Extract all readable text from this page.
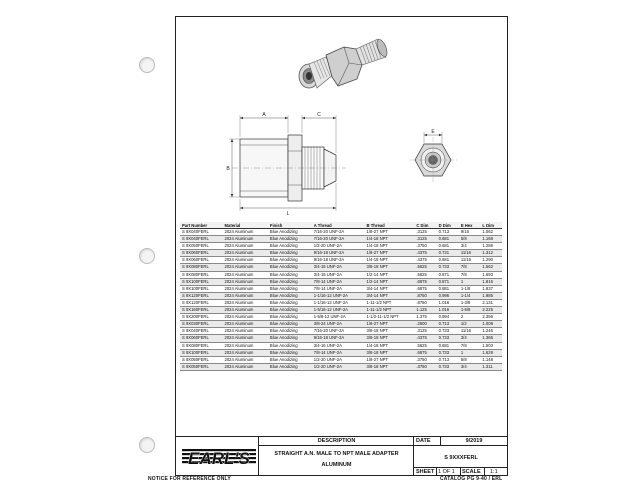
A	C
B
L
E
Part Number	Material	Finish	A Thread	B Thread	C Dim	D Dim	E Hex	L Dim
S 9X040FERL	2024 Aluminum	Blue Anodizing	7/16-20 UNF-2A	1/8-27 NPT	.3125	0.713	9/16	1.062
S 9X040FERL	2024 Aluminum	Blue Anodizing	7/16-20 UNF-2A	1/4-18 NPT	.3125	0.681	5/8	1.168
S 9X050FERL	2024 Aluminum	Blue Anodizing	1/2-20 UNF-2A	1/4-18 NPT	.3750	0.681	3/4	1.286
S 9X060FERL	2024 Aluminum	Blue Anodizing	9/16-18 UNF-2A	1/8-27 NPT	.4375	0.731	11/16	1.312
S 9X060FERL	2024 Aluminum	Blue Anodizing	9/16-18 UNF-2A	1/4-18 NPT	.4375	0.681	11/16	1.290
S 9X080FERL	2024 Aluminum	Blue Anodizing	3/4-16 UNF-2A	3/8-18 NPT	.5625	0.733	7/8	1.562
S 9X080FERL	2024 Aluminum	Blue Anodizing	3/4-16 UNF-2A	1/2-14 NPT	.5625	0.871	7/8	1.693
S 9X100FERL	2024 Aluminum	Blue Anodizing	7/8-14 UNF-2A	1/2-14 NPT	.6875	0.871	1	1.816
S 9X100FERL	2024 Aluminum	Blue Anodizing	7/8-14 UNF-2A	3/4-14 NPT	.6875	0.881	1-1/8	1.837
S 9X120FERL	2024 Aluminum	Blue Anodizing	1-1/16-12 UNF-2A	3/4-14 NPT	.8750	0.996	1-1/4	1.985
S 9X120FERL	2024 Aluminum	Blue Anodizing	1-1/16-12 UNF-2A	1-11-1/2 NPT	.8750	1.016	1-3/8	2.131
S 9X160FERL	2024 Aluminum	Blue Anodizing	1-5/16-12 UNF-2A	1-11-1/2 NPT	1.125	1.016	1-5/8	2.225
S 9X200FERL	2024 Aluminum	Blue Anodizing	1-5/8-12 UNF-2A	1-1/2-11-1/2 NPT	1.375	0.994	2	2.356
S 9X030FERL	2024 Aluminum	Blue Anodizing	3/8-24 UNF-2A	1/8-27 NPT	.2500	0.713	1/2	1.008
S 9X040FERL	2024 Aluminum	Blue Anodizing	7/16-20 UNF-2A	3/8-18 NPT	.3125	0.733	11/16	1.246
S 9X060FERL	2024 Aluminum	Blue Anodizing	9/16-18 UNF-2A	3/8-18 NPT	.4375	0.733	3/4	1.366
S 9X080FERL	2024 Aluminum	Blue Anodizing	3/4-16 UNF-2A	1/4-18 NPT	.5625	0.681	7/8	1.503
S 9X100FERL	2024 Aluminum	Blue Anodizing	7/8-14 UNF-2A	3/8-18 NPT	.6875	0.733	1	1.629
S 9X050FERL	2024 Aluminum	Blue Anodizing	1/2-20 UNF-2A	1/8-27 NPT	.3750	0.713	5/8	1.148
S 9X050FERL	2024 Aluminum	Blue Anodizing	1/2-20 UNF-2A	3/8-18 NPT	.3750	0.733	3/4	1.311
EARL'S
DESCRIPTION
STRAIGHT A.N. MALE TO NPT MALE ADAPTER
ALUMINUM
DATE	9/2019
S 9XXXFERL
SHEET 1 OF 1 SCALE 1:1
NOTICE FOR REFERENCE ONLY	CATALOG PG 9-40 / ERL
